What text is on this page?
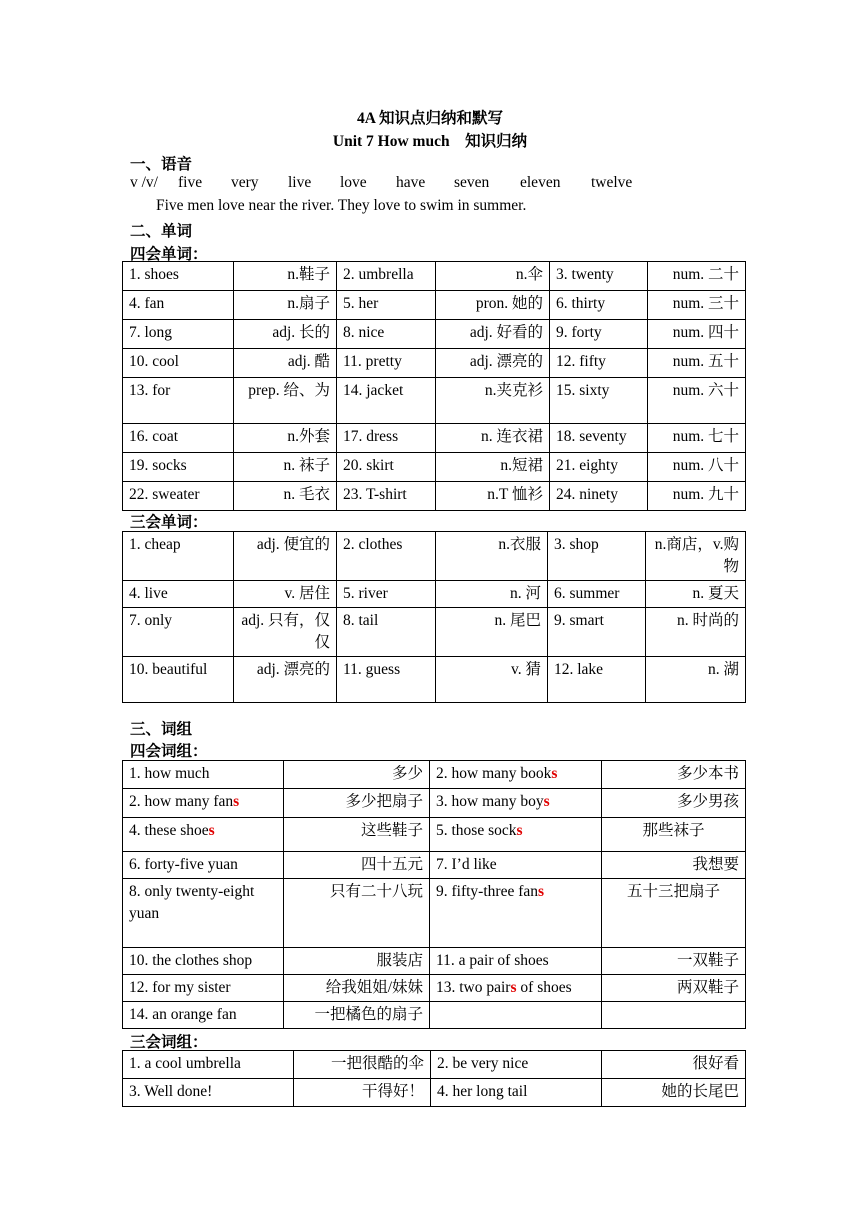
4A 知识点归纳和默写
Unit 7 How much　知识归纳
一、语音
v /v/ five very live love have seven eleven twelve
Five men love near the river. They love to swim in summer.
二、单词
四会单词：
1. shoes	n.鞋子	2. umbrella	n.伞	3. twenty	num. 二十
4. fan	n.扇子	5. her	pron. 她的	6. thirty	num. 三十
7. long	adj. 长的	8. nice	adj. 好看的	9. forty	num. 四十
10. cool	adj. 酷	11. pretty	adj. 漂亮的	12. fifty	num. 五十
13. for	prep. 给、为	14. jacket	n.夹克衫	15. sixty	num. 六十
16. coat	n.外套	17. dress	n. 连衣裙	18. seventy	num. 七十
19. socks	n. 袜子	20. skirt	n.短裙	21. eighty	num. 八十
22. sweater	n. 毛衣	23. T-shirt	n.T 恤衫	24. ninety	num. 九十
三会单词：
1. cheap	adj. 便宜的	2. clothes	n.衣服	3. shop	n.商店，v.购物
4. live	v. 居住	5. river	n. 河	6. summer	n. 夏天
7. only	adj. 只有，仅仅	8. tail	n. 尾巴	9. smart	n. 时尚的
10. beautiful	adj. 漂亮的	11. guess	v. 猜	12. lake	n. 湖
三、词组
四会词组：
1. how much	多少	2. how many books	多少本书
2. how many fans	多少把扇子	3. how many boys	多少男孩
4. these shoes	这些鞋子	5. those socks	那些袜子
6. forty-five yuan	四十五元	7. I’d like	我想要
8. only twenty-eight yuan	只有二十八玩	9. fifty-three fans	五十三把扇子
10. the clothes shop	服装店	11. a pair of shoes	一双鞋子
12. for my sister	给我姐姐/妹妹	13. two pairs of shoes	两双鞋子
14. an orange fan	一把橘色的扇子		
三会词组：
1. a cool umbrella	一把很酷的伞	2. be very nice	很好看
3. Well done!	干得好！	4. her long tail	她的长尾巴
